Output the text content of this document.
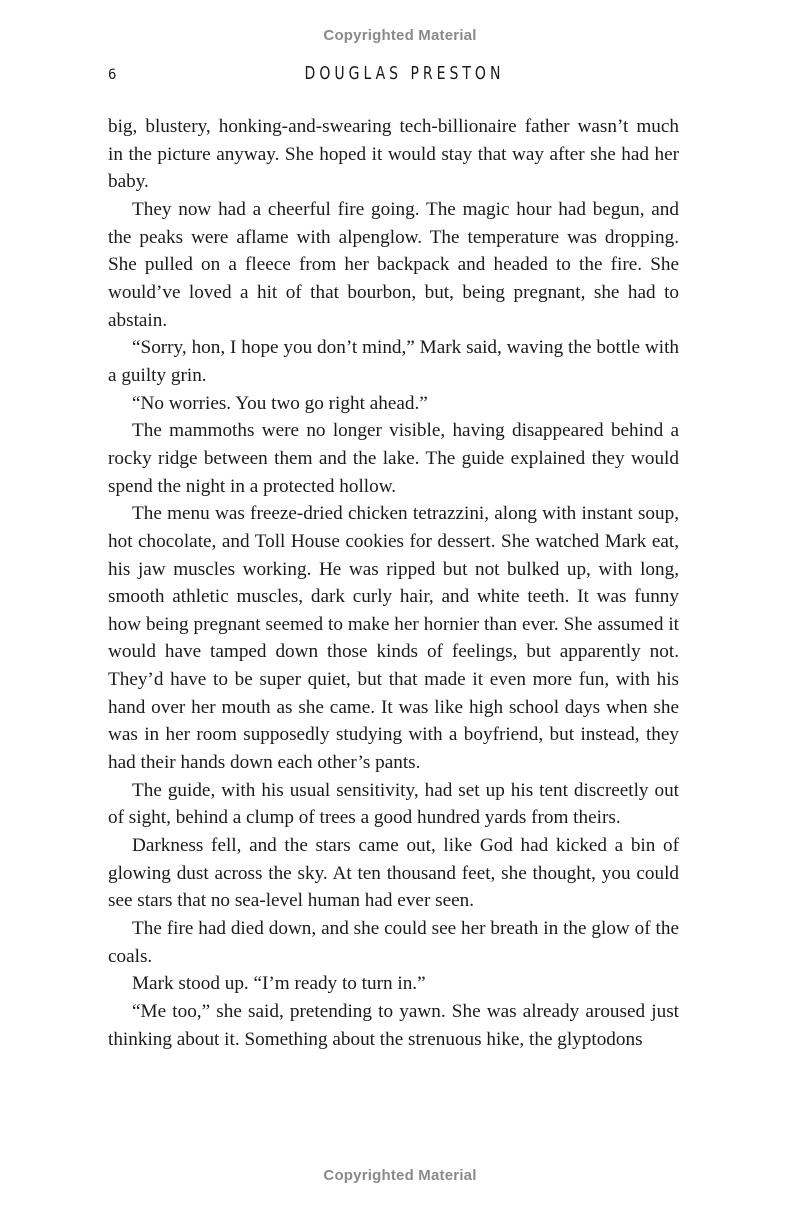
Copyrighted Material
6	DOUGLAS PRESTON

big, blustery, honking-and-swearing tech-billionaire father wasn’t much in the picture anyway. She hoped it would stay that way after she had her baby.

They now had a cheerful fire going. The magic hour had begun, and the peaks were aflame with alpenglow. The temperature was dropping. She pulled on a fleece from her backpack and headed to the fire. She would’ve loved a hit of that bourbon, but, being pregnant, she had to abstain.

“Sorry, hon, I hope you don’t mind,” Mark said, waving the bottle with a guilty grin.

“No worries. You two go right ahead.”

The mammoths were no longer visible, having disappeared behind a rocky ridge between them and the lake. The guide explained they would spend the night in a protected hollow.

The menu was freeze-dried chicken tetrazzini, along with instant soup, hot chocolate, and Toll House cookies for dessert. She watched Mark eat, his jaw muscles working. He was ripped but not bulked up, with long, smooth athletic muscles, dark curly hair, and white teeth. It was funny how being pregnant seemed to make her hornier than ever. She assumed it would have tamped down those kinds of feelings, but apparently not. They’d have to be super quiet, but that made it even more fun, with his hand over her mouth as she came. It was like high school days when she was in her room supposedly studying with a boyfriend, but instead, they had their hands down each other’s pants.

The guide, with his usual sensitivity, had set up his tent discreetly out of sight, behind a clump of trees a good hundred yards from theirs.

Darkness fell, and the stars came out, like God had kicked a bin of glowing dust across the sky. At ten thousand feet, she thought, you could see stars that no sea-level human had ever seen.

The fire had died down, and she could see her breath in the glow of the coals.

Mark stood up. “I’m ready to turn in.”

“Me too,” she said, pretending to yawn. She was already aroused just thinking about it. Something about the strenuous hike, the glyptodons

Copyrighted Material
